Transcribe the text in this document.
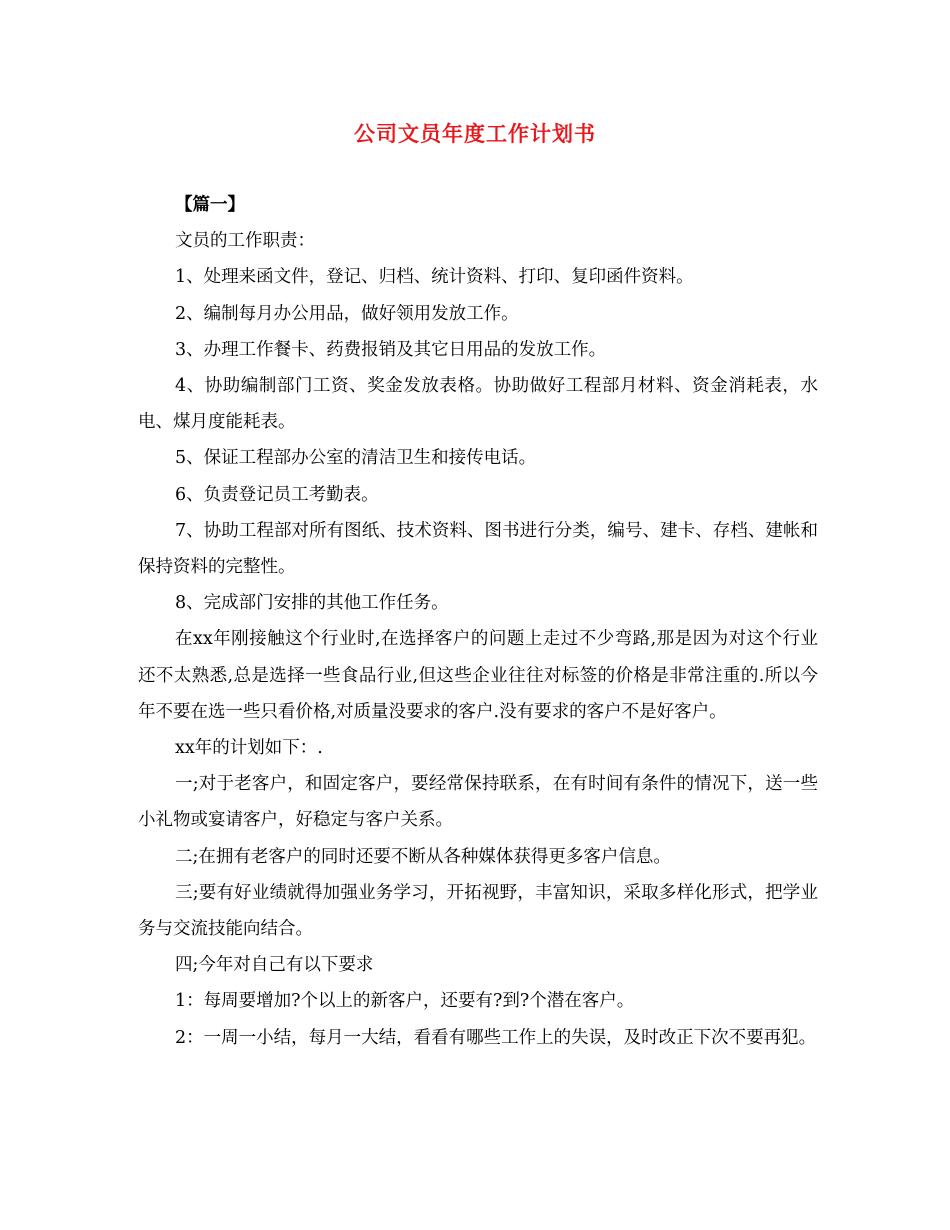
公司文员年度工作计划书

【篇一】

文员的工作职责：

1、处理来函文件，登记、归档、统计资料、打印、复印函件资料。

2、编制每月办公用品，做好领用发放工作。

3、办理工作餐卡、药费报销及其它日用品的发放工作。

4、协助编制部门工资、奖金发放表格。协助做好工程部月材料、资金消耗表，水电、煤月度能耗表。

5、保证工程部办公室的清洁卫生和接传电话。

6、负责登记员工考勤表。

7、协助工程部对所有图纸、技术资料、图书进行分类，编号、建卡、存档、建帐和保持资料的完整性。

8、完成部门安排的其他工作任务。

在xx年刚接触这个行业时,在选择客户的问题上走过不少弯路,那是因为对这个行业还不太熟悉,总是选择一些食品行业,但这些企业往往对标签的价格是非常注重的.所以今年不要在选一些只看价格,对质量没要求的客户.没有要求的客户不是好客户。

xx年的计划如下：.

一;对于老客户，和固定客户，要经常保持联系，在有时间有条件的情况下，送一些小礼物或宴请客户，好稳定与客户关系。

二;在拥有老客户的同时还要不断从各种媒体获得更多客户信息。

三;要有好业绩就得加强业务学习，开拓视野，丰富知识，采取多样化形式，把学业务与交流技能向结合。

四;今年对自己有以下要求

1：每周要增加?个以上的新客户，还要有?到?个潜在客户。

2：一周一小结，每月一大结，看看有哪些工作上的失误，及时改正下次不要再犯。
